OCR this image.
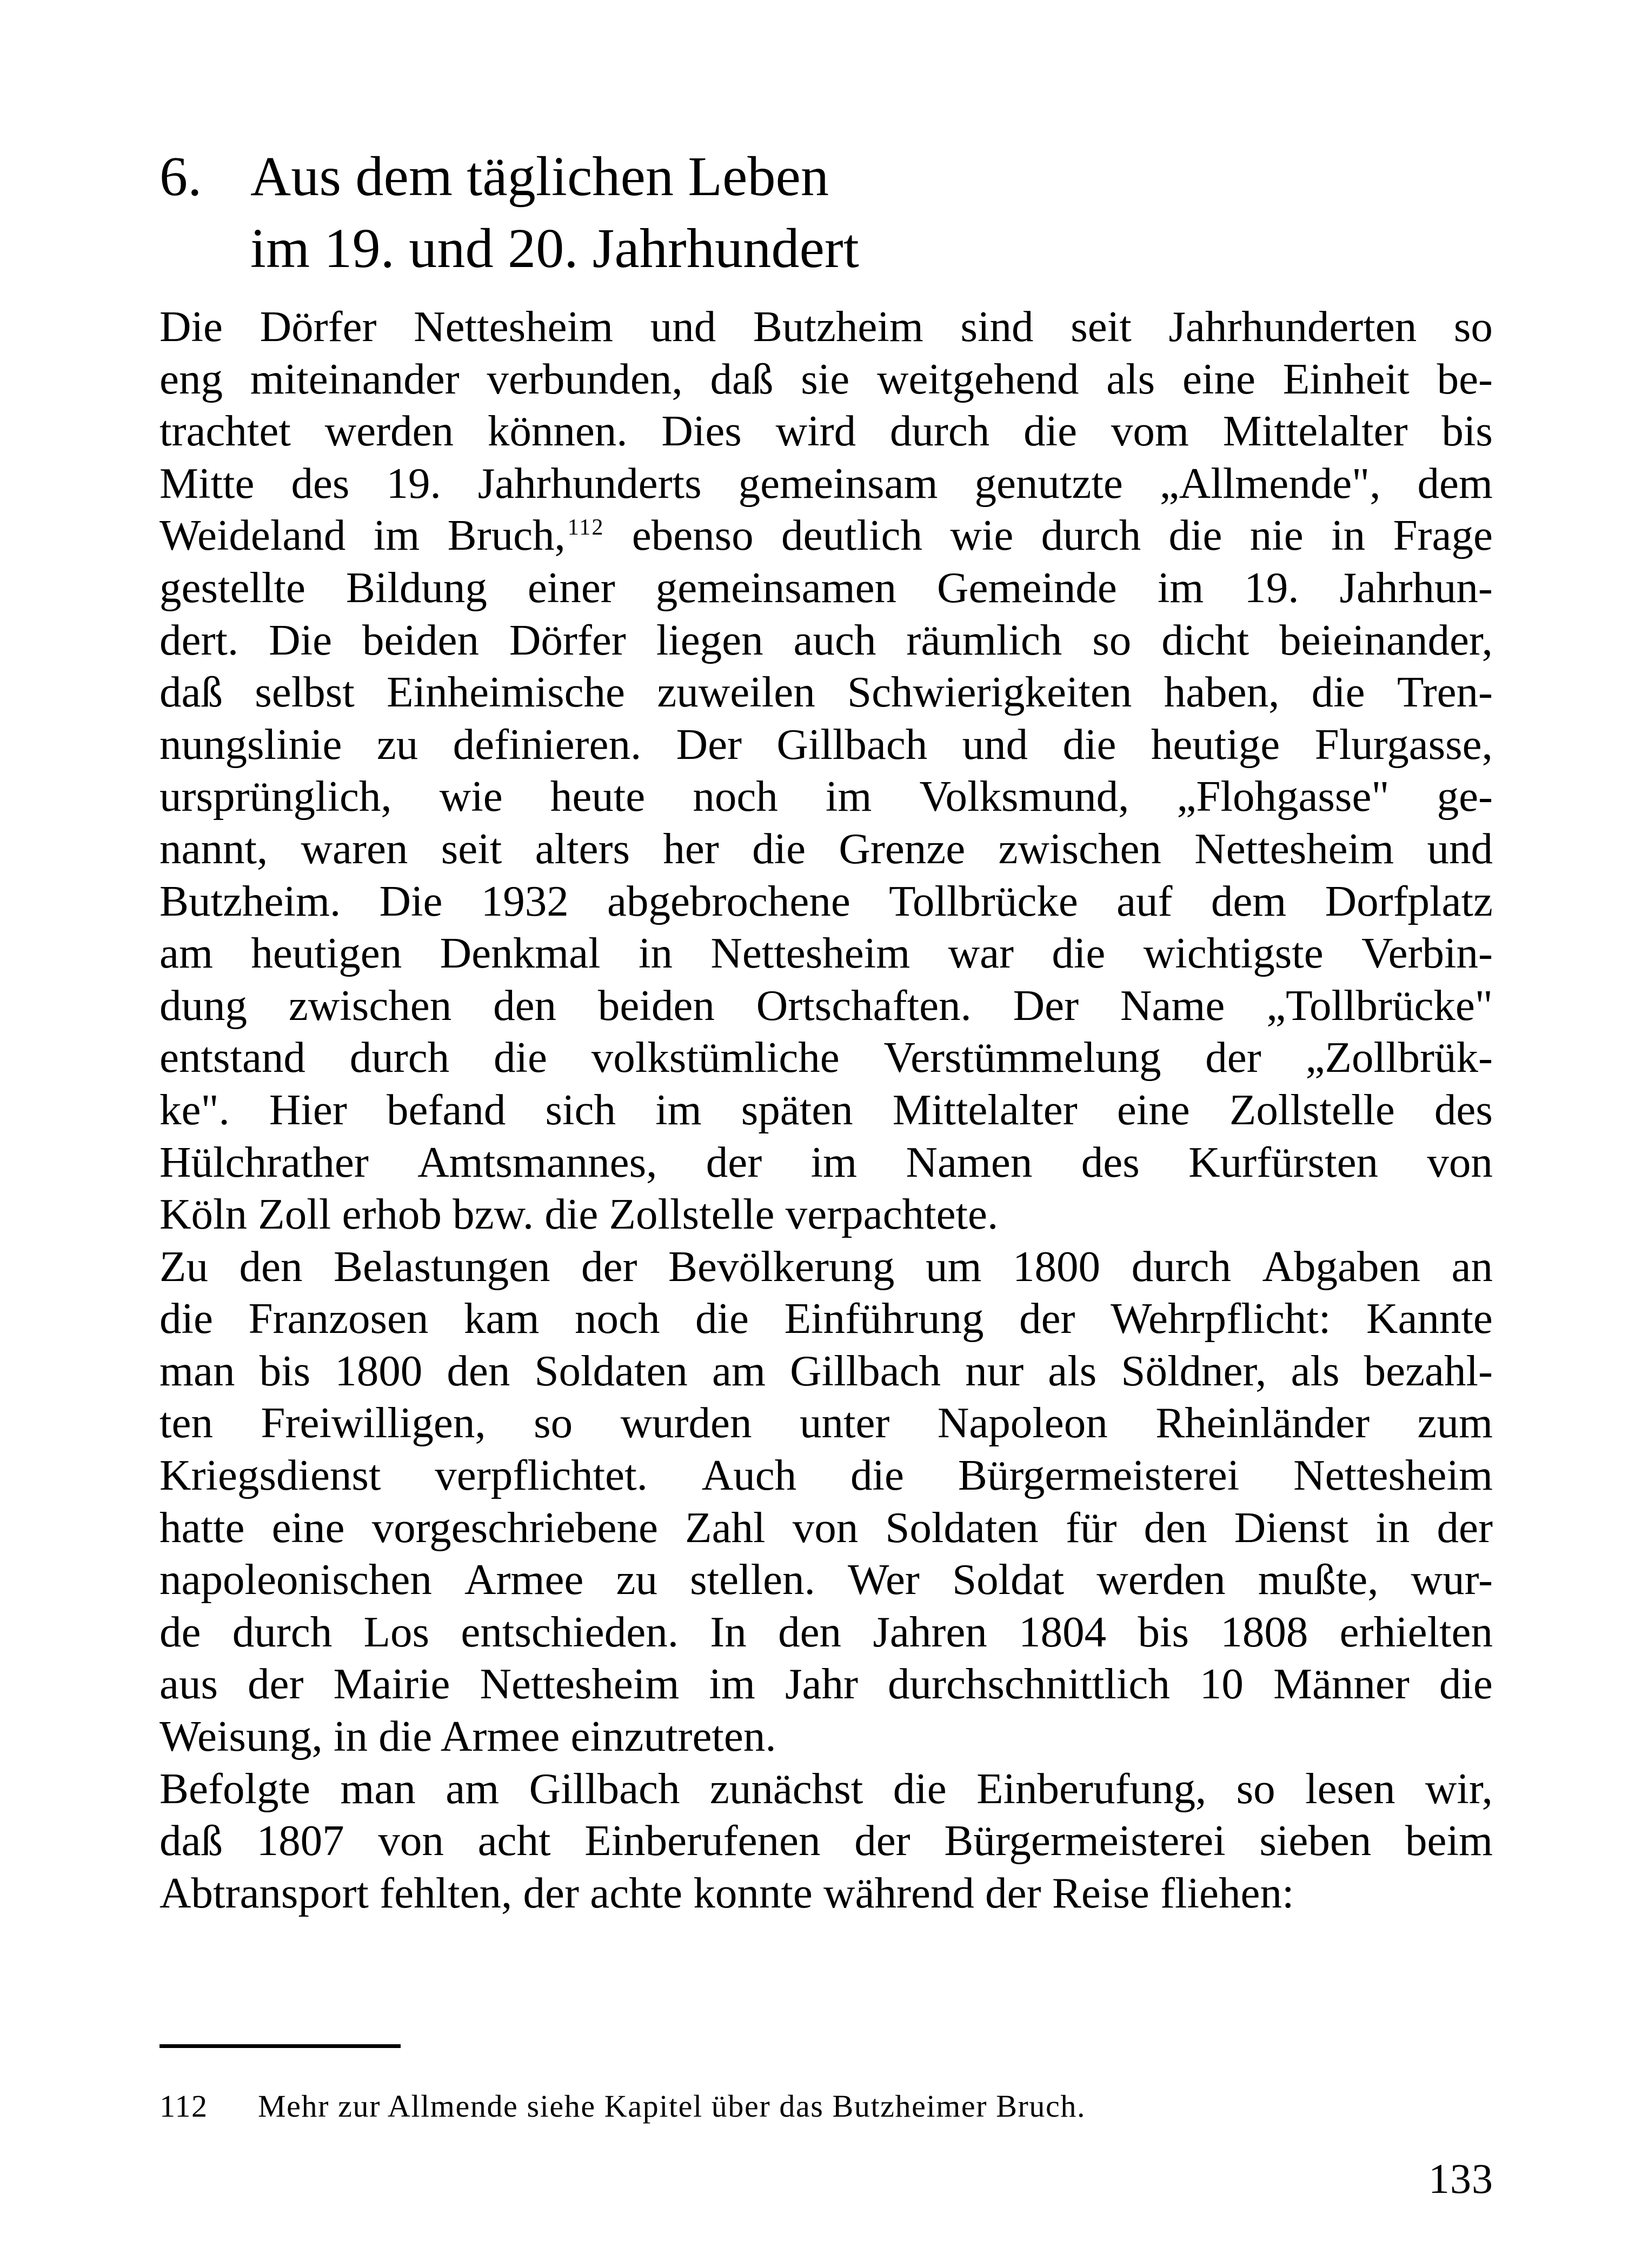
6. Aus dem täglichen Leben
im 19. und 20. Jahrhundert

Die Dörfer Nettesheim und Butzheim sind seit Jahrhunderten so
eng miteinander verbunden, daß sie weitgehend als eine Einheit be-
trachtet werden können. Dies wird durch die vom Mittelalter bis
Mitte des 19. Jahrhunderts gemeinsam genutzte „Allmende", dem
Weideland im Bruch,$^{112}$ ebenso deutlich wie durch die nie in Frage
gestellte Bildung einer gemeinsamen Gemeinde im 19. Jahrhun-
dert. Die beiden Dörfer liegen auch räumlich so dicht beieinander,
daß selbst Einheimische zuweilen Schwierigkeiten haben, die Tren-
nungslinie zu definieren. Der Gillbach und die heutige Flurgasse,
ursprünglich, wie heute noch im Volksmund, „Flohgasse" ge-
nannt, waren seit alters her die Grenze zwischen Nettesheim und
Butzheim. Die 1932 abgebrochene Tollbrücke auf dem Dorfplatz
am heutigen Denkmal in Nettesheim war die wichtigste Verbin-
dung zwischen den beiden Ortschaften. Der Name „Tollbrücke"
entstand durch die volkstümliche Verstümmelung der „Zollbrük-
ke". Hier befand sich im späten Mittelalter eine Zollstelle des
Hülchrather Amtsmannes, der im Namen des Kurfürsten von
Köln Zoll erhob bzw. die Zollstelle verpachtete.

Zu den Belastungen der Bevölkerung um 1800 durch Abgaben an
die Franzosen kam noch die Einführung der Wehrpflicht: Kannte
man bis 1800 den Soldaten am Gillbach nur als Söldner, als bezahl-
ten Freiwilligen, so wurden unter Napoleon Rheinländer zum
Kriegsdienst verpflichtet. Auch die Bürgermeisterei Nettesheim
hatte eine vorgeschriebene Zahl von Soldaten für den Dienst in der
napoleonischen Armee zu stellen. Wer Soldat werden mußte, wur-
de durch Los entschieden. In den Jahren 1804 bis 1808 erhielten
aus der Mairie Nettesheim im Jahr durchschnittlich 10 Männer die
Weisung, in die Armee einzutreten.

Befolgte man am Gillbach zunächst die Einberufung, so lesen wir,
daß 1807 von acht Einberufenen der Bürgermeisterei sieben beim
Abtransport fehlten, der achte konnte während der Reise fliehen:

112 Mehr zur Allmende siehe Kapitel über das Butzheimer Bruch.
133
